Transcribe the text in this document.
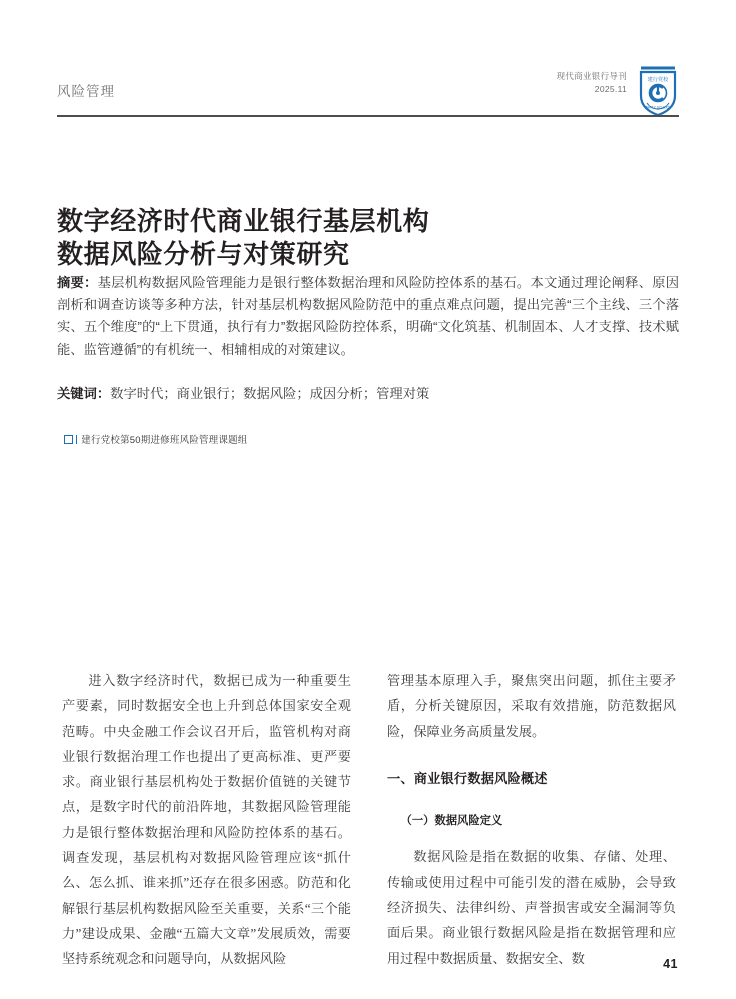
风险管理
现代商业银行导刊
2025.11
建行党校
PARTY SCHOOL
数字经济时代商业银行基层机构
数据风险分析与对策研究
摘要：基层机构数据风险管理能力是银行整体数据治理和风险防控体系的基石。本文通过理论阐释、原因剖析和调查访谈等多种方法，针对基层机构数据风险防范中的重点难点问题，提出完善“三个主线、三个落实、五个维度”的“上下贯通，执行有力”数据风险防控体系，明确“文化筑基、机制固本、人才支撑、技术赋能、监管遵循”的有机统一、相辅相成的对策建议。
关键词：数字时代；商业银行；数据风险；成因分析；管理对策
建行党校第50期进修班风险管理课题组

进入数字经济时代，数据已成为一种重要生产要素，同时数据安全也上升到总体国家安全观范畴。中央金融工作会议召开后，监管机构对商业银行数据治理工作也提出了更高标准、更严要求。商业银行基层机构处于数据价值链的关键节点，是数字时代的前沿阵地，其数据风险管理能力是银行整体数据治理和风险防控体系的基石。调查发现，基层机构对数据风险管理应该“抓什么、怎么抓、谁来抓”还存在很多困惑。防范和化解银行基层机构数据风险至关重要，关系“三个能力”建设成果、金融“五篇大文章”发展质效，需要坚持系统观念和问题导向，从数据风险

管理基本原理入手，聚焦突出问题，抓住主要矛盾，分析关键原因，采取有效措施，防范数据风险，保障业务高质量发展。

一、商业银行数据风险概述
（一）数据风险定义

数据风险是指在数据的收集、存储、处理、传输或使用过程中可能引发的潜在威胁，会导致经济损失、法律纠纷、声誉损害或安全漏洞等负面后果。商业银行数据风险是指在数据管理和应用过程中数据质量、数据安全、数	41
